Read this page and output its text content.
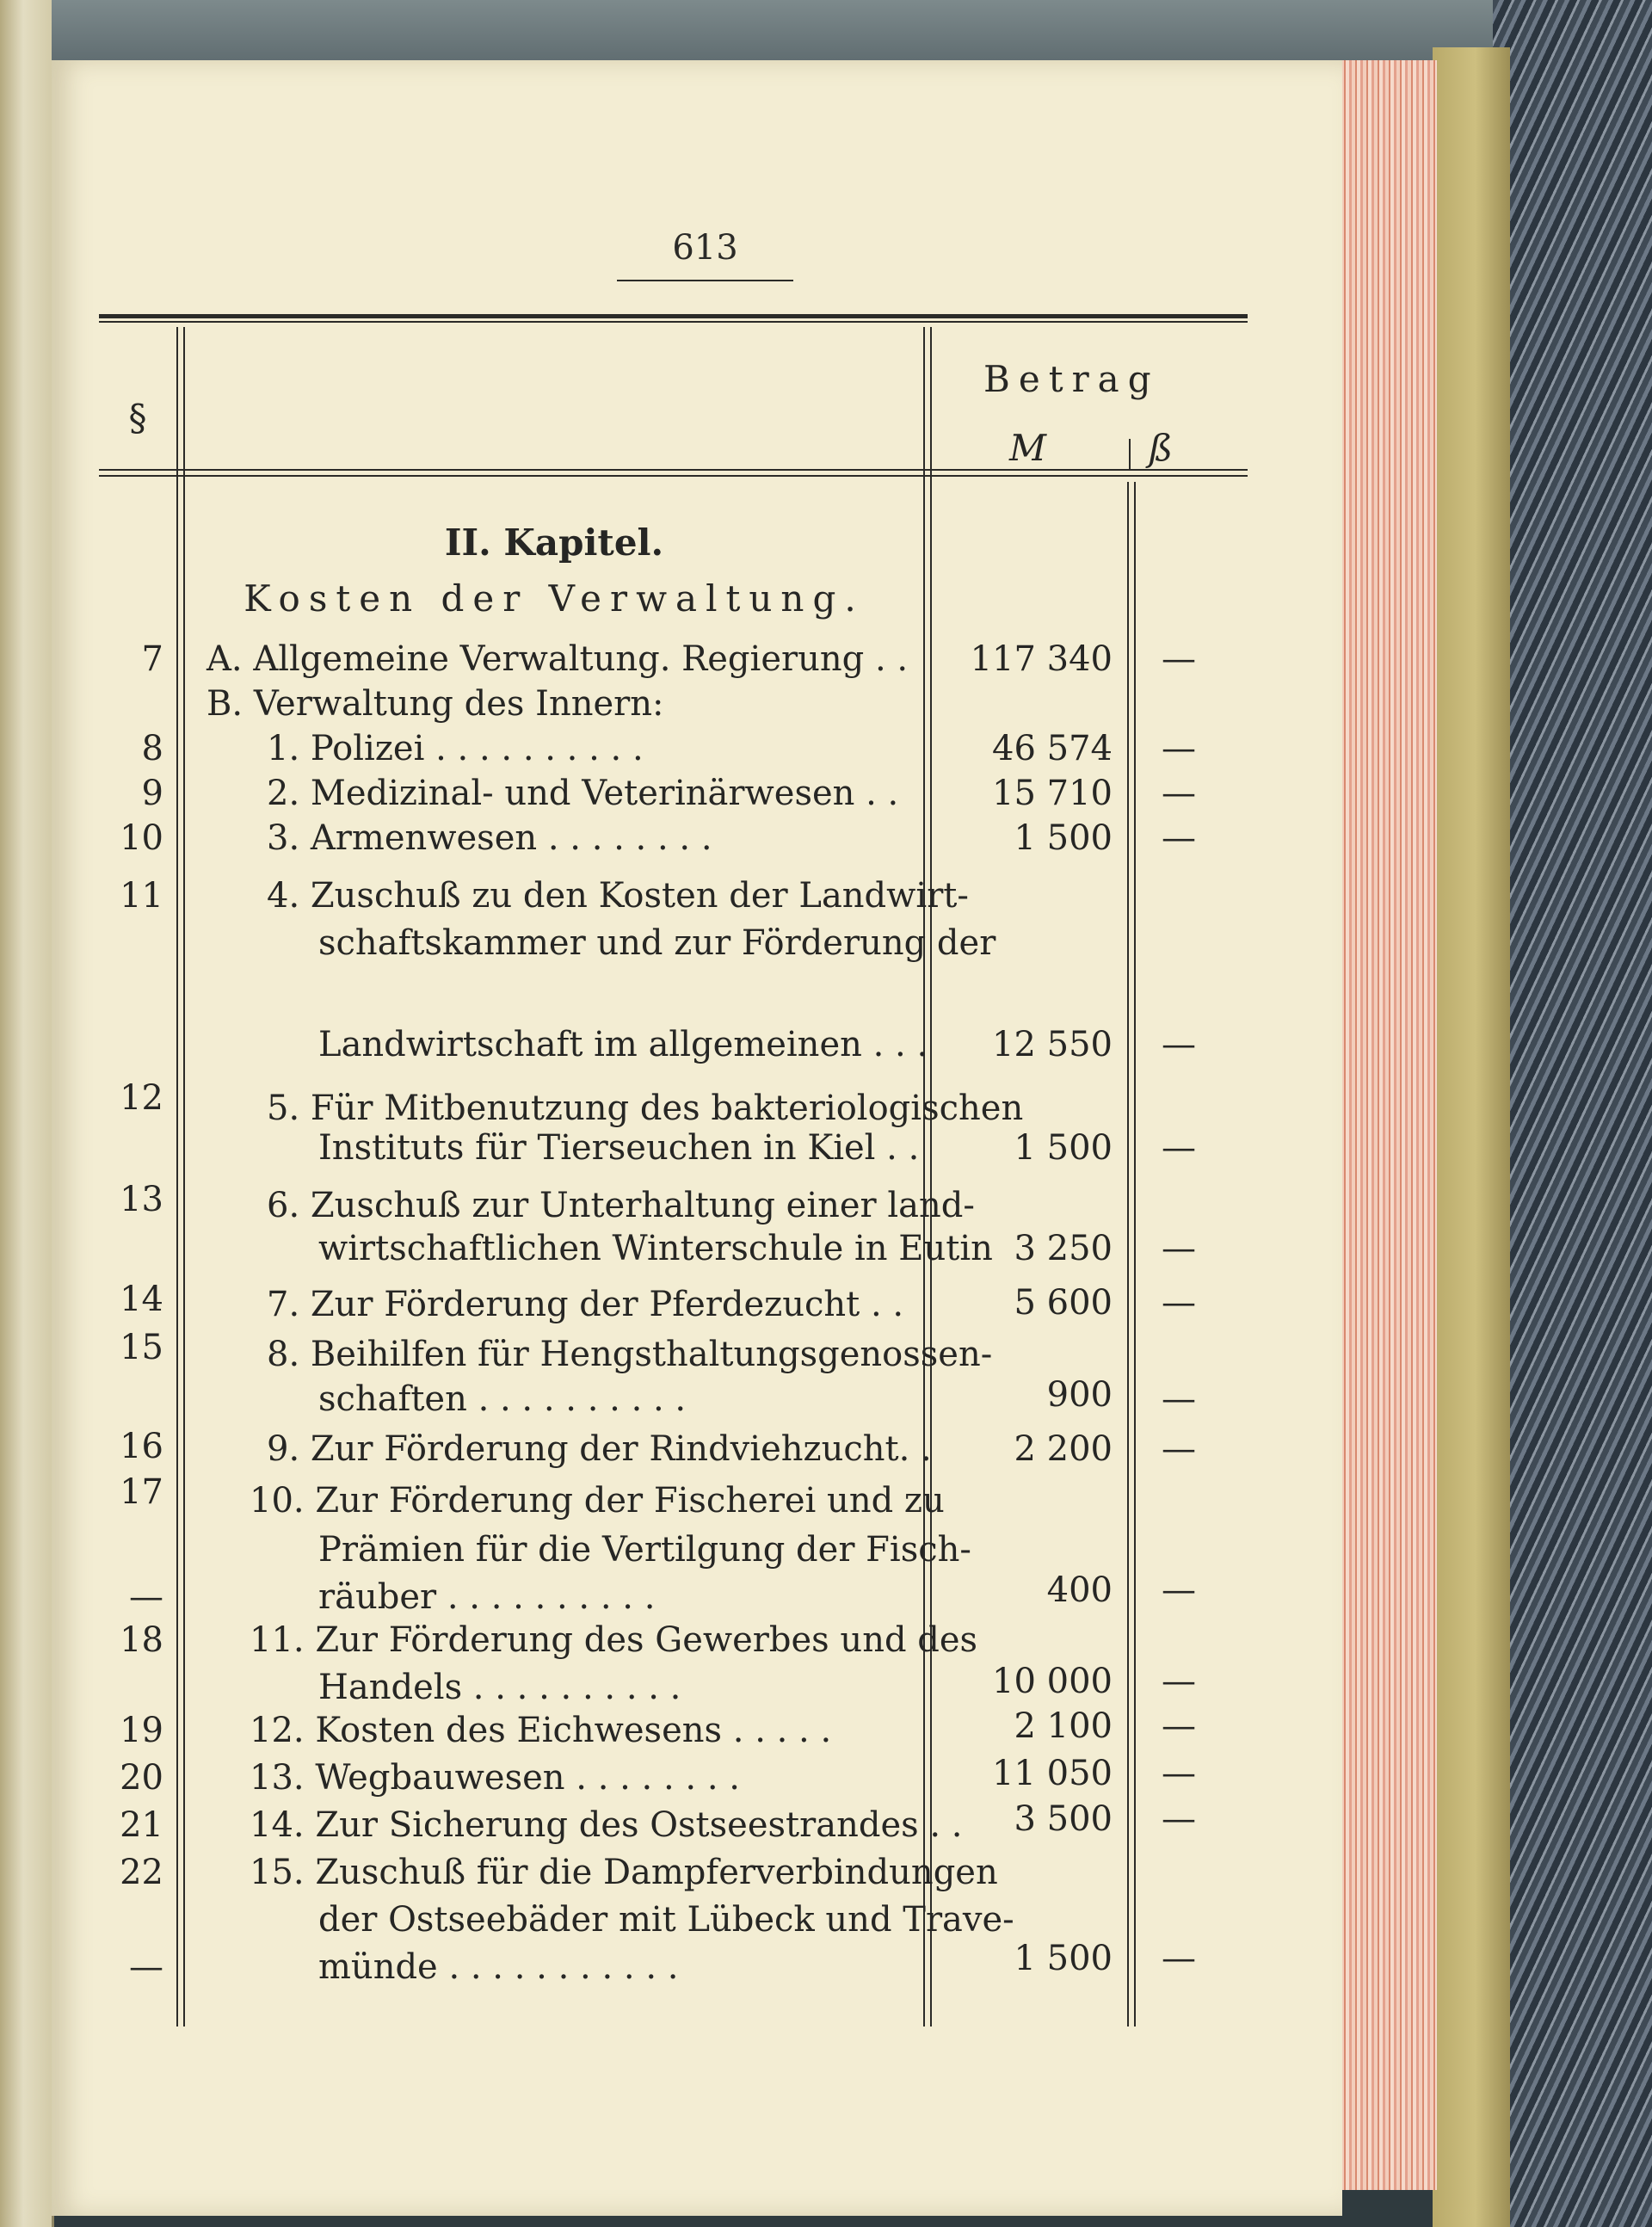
613
§
Betrag
M	ß
II. Kapitel.
Kosten der Verwaltung.
7 A. Allgemeine Verwaltung. Regierung . .	117 340	—
B. Verwaltung des Innern:
8	1. Polizei . . . . . . . . . .	46 574	—
9	2. Medizinal- und Veterinärwesen . .	15 710	—
10	3. Armenwesen . . . . . . . .	1 500	—
11	4. Zuschuß zu den Kosten der Landwirt-
schaftskammer und zur Förderung der
Landwirtschaft im allgemeinen . . .	12 550	—
12	5. Für Mitbenutzung des bakteriologischen
Instituts für Tierseuchen in Kiel . .	1 500	—
13	6. Zuschuß zur Unterhaltung einer land-
wirtschaftlichen Winterschule in Eutin 3 250	—
14	7. Zur Förderung der Pferdezucht . .	5 600	—
15	8. Beihilfen für Hengsthaltungsgenossen-
schaften . . . . . . . . . .	900	—
16	9. Zur Förderung der Rindviehzucht. .	2 200	—
17	10. Zur Förderung der Fischerei und zu
Prämien für die Vertilgung der Fisch-
—	räuber . . . . . . . . . .	400	—
18	11. Zur Förderung des Gewerbes und des
Handels . . . . . . . . . .	10 000	—
19	12. Kosten des Eichwesens . . . . .	2 100	—
20	13. Wegbauwesen . . . . . . . .	11 050	—
21	14. Zur Sicherung des Ostseestrandes . .	3 500	—
22	15. Zuschuß für die Dampferverbindungen
der Ostseebäder mit Lübeck und Trave-
—	münde . . . . . . . . . . .	1 500	—
